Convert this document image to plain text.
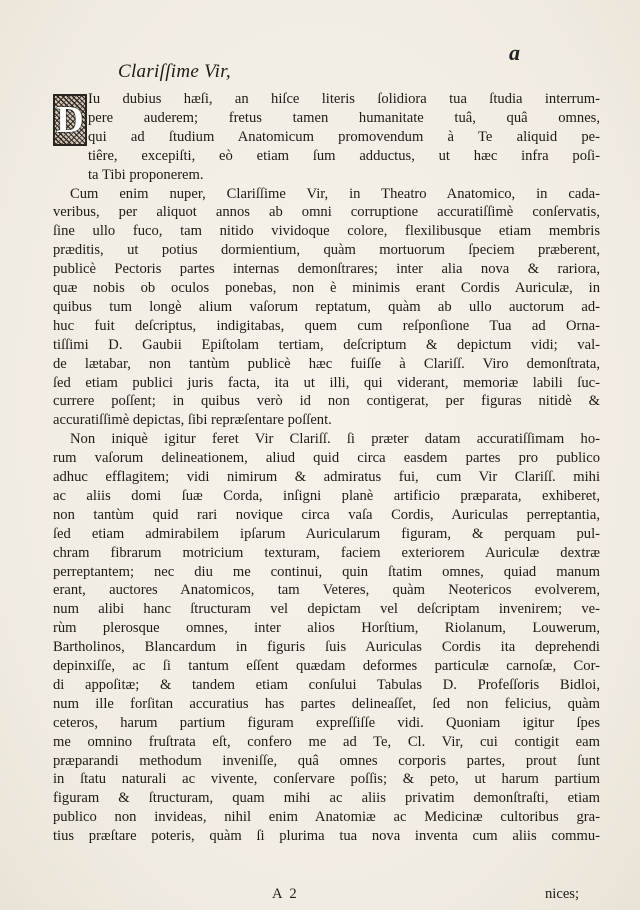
a
Clariſſime Vir,
D Iu dubius hæſi, an hiſce literis ſolidiora tua ſtudia interrum-
pere auderem; fretus tamen humanitate tuâ, quâ omnes,
qui ad ſtudium Anatomicum promovendum à Te aliquid pe-
tiêre, excepiſti, eò etiam ſum adductus, ut hæc infra poſi-
ta Tibi proponerem.
Cum enim nuper, Clariſſime Vir, in Theatro Anatomico, in cada-
veribus, per aliquot annos ab omni corruptione accuratiſſimè conſervatis,
ſine ullo fuco, tam nitido vividoque colore, flexilibusque etiam membris
præditis, ut potius dormientium, quàm mortuorum ſpeciem præberent,
publicè Pectoris partes internas demonſtrares; inter alia nova & rariora,
quæ nobis ob oculos ponebas, non è minimis erant Cordis Auriculæ, in
quibus tum longè alium vaſorum reptatum, quàm ab ullo auctorum ad-
huc fuit deſcriptus, indigitabas, quem cum reſponſione Tua ad Orna-
tiſſimi D. Gaubii Epiſtolam tertiam, deſcriptum & depictum vidi; val-
de lætabar, non tantùm publicè hæc fuiſſe à Clariſſ. Viro demonſtrata,
ſed etiam publici juris facta, ita ut illi, qui viderant, memoriæ labili ſuc-
currere poſſent; in quibus verò id non contigerat, per figuras nitidè &
accuratiſſimè depictas, ſibi repræſentare poſſent.
Non iniquè igitur feret Vir Clariſſ. ſi præter datam accuratiſſimam ho-
rum vaſorum delineationem, aliud quid circa easdem partes pro publico
adhuc efflagitem; vidi nimirum & admiratus fui, cum Vir Clariſſ. mihi
ac aliis domi ſuæ Corda, inſigni planè artificio præparata, exhiberet,
non tantùm quid rari novique circa vaſa Cordis, Auriculas perreptantia,
ſed etiam admirabilem ipſarum Auricularum figuram, & perquam pul-
chram fibrarum motricium texturam, faciem exteriorem Auriculæ dextræ
perreptantem; nec diu me continui, quin ſtatim omnes, quiad manum
erant, auctores Anatomicos, tam Veteres, quàm Neotericos evolverem,
num alibi hanc ſtructuram vel depictam vel deſcriptam invenirem; ve-
rùm plerosque omnes, inter alios Horſtium, Riolanum, Louwerum,
Bartholinos, Blancardum in figuris ſuis Auriculas Cordis ita deprehendi
depinxiſſe, ac ſi tantum eſſent quædam deformes particulæ carnoſæ, Cor-
di appoſitæ; & tandem etiam conſului Tabulas D. Profeſſoris Bidloi,
num ille forſitan accuratius has partes delineaſſet, ſed non felicius, quàm
ceteros, harum partium figuram expreſſiſſe vidi. Quoniam igitur ſpes
me omnino fruſtrata eſt, confero me ad Te, Cl. Vir, cui contigit eam
præparandi methodum inveniſſe, quâ omnes corporis partes, prout ſunt
in ſtatu naturali ac vivente, conſervare poſſis; & peto, ut harum partium
figuram & ſtructuram, quam mihi ac aliis privatim demonſtraſti, etiam
publico non invideas, nihil enim Anatomiæ ac Medicinæ cultoribus gra-
tius præſtare poteris, quàm ſi plurima tua nova inventa cum aliis commu-
A 2	nices;
